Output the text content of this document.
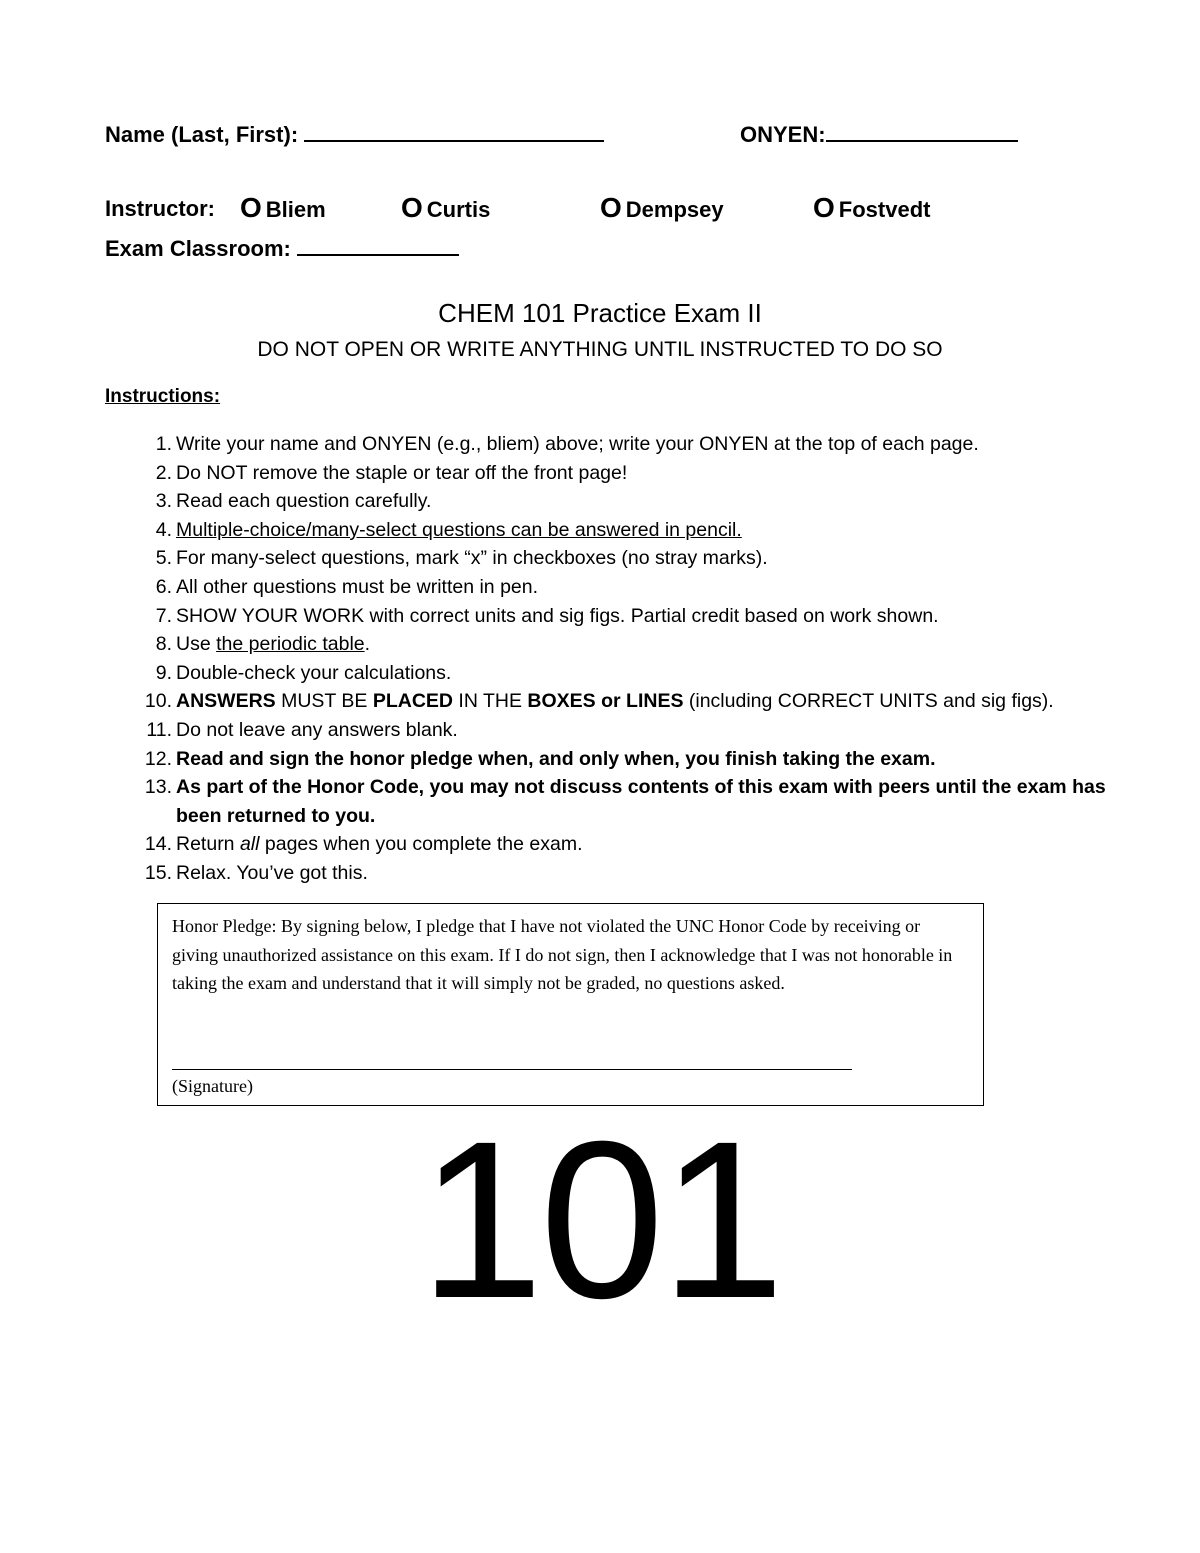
Name (Last, First):	ONYEN:
Instructor: O Bliem	O Curtis	O Dempsey	O Fostvedt
Exam Classroom:
CHEM 101 Practice Exam II
DO NOT OPEN OR WRITE ANYTHING UNTIL INSTRUCTED TO DO SO
Instructions:
1. Write your name and ONYEN (e.g., bliem) above; write your ONYEN at the top of each page.
2. Do NOT remove the staple or tear off the front page!
3. Read each question carefully.
4. Multiple-choice/many-select questions can be answered in pencil.
5. For many-select questions, mark “x” in checkboxes (no stray marks).
6. All other questions must be written in pen.
7. SHOW YOUR WORK with correct units and sig figs. Partial credit based on work shown.
8. Use the periodic table.
9. Double-check your calculations.
10. ANSWERS MUST BE PLACED IN THE BOXES or LINES (including CORRECT UNITS and sig figs).
11. Do not leave any answers blank.
12. Read and sign the honor pledge when, and only when, you finish taking the exam.
13. As part of the Honor Code, you may not discuss contents of this exam with peers until the exam has been returned to you.
14. Return all pages when you complete the exam.
15. Relax. You’ve got this.
Honor Pledge: By signing below, I pledge that I have not violated the UNC Honor Code by receiving or giving unauthorized assistance on this exam. If I do not sign, then I acknowledge that I was not honorable in taking the exam and understand that it will simply not be graded, no questions asked.
(Signature)
101
